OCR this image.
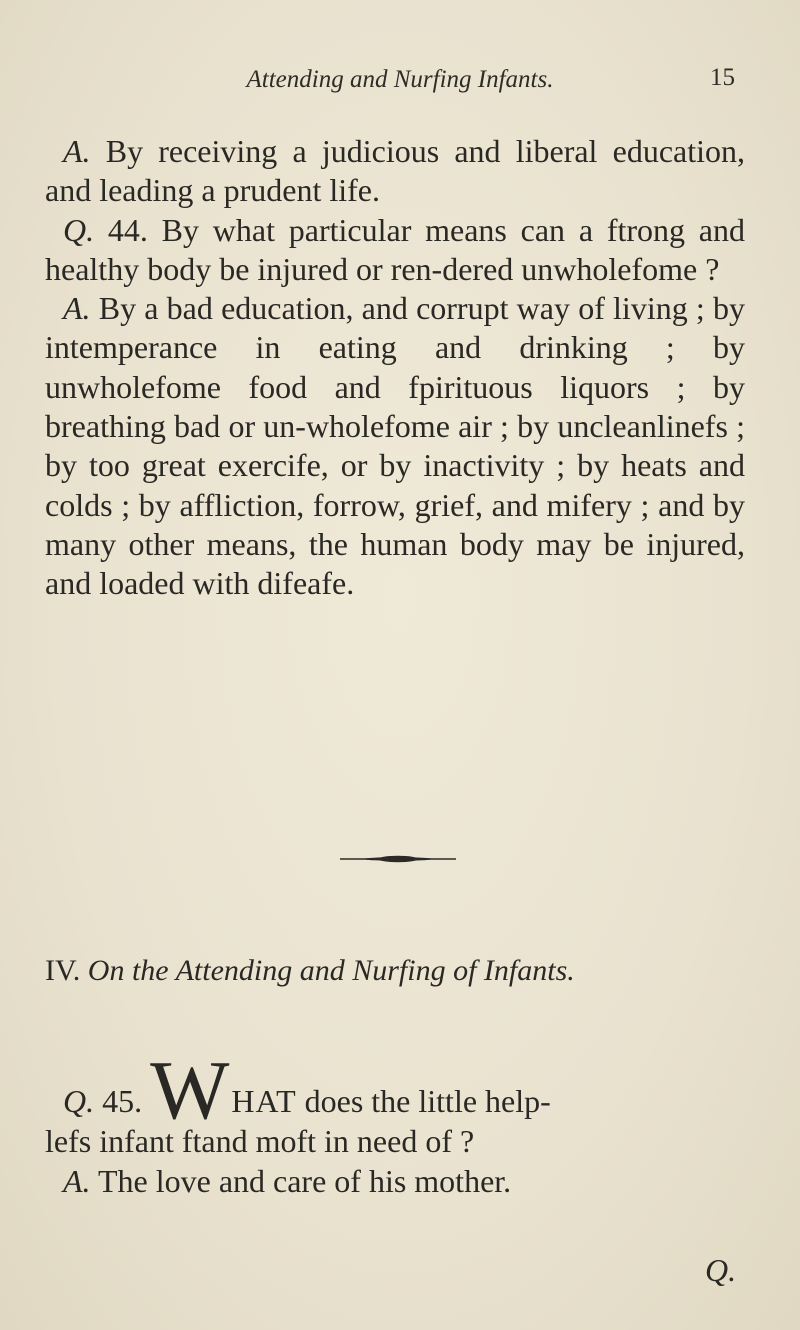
Attending and Nurfing Infants.	15

A. By receiving a judicious and liberal education, and leading a prudent life.

Q. 44. By what particular means can a ftrong and healthy body be injured or ren-dered unwholefome ?

A. By a bad education, and corrupt way of living ; by intemperance in eating and drinking ; by unwholefome food and fpirituous liquors ; by breathing bad or un-wholefome air ; by uncleanlinefs ; by too great exercife, or by inactivity ; by heats and colds ; by affliction, forrow, grief, and mifery ; and by many other means, the human body may be injured, and loaded with difeafe.

IV. On the Attending and Nurfing of Infants.
Q. 45. W HAT does the little help-
lefs infant ftand moft in need of ?
A. The love and care of his mother.
Q.
